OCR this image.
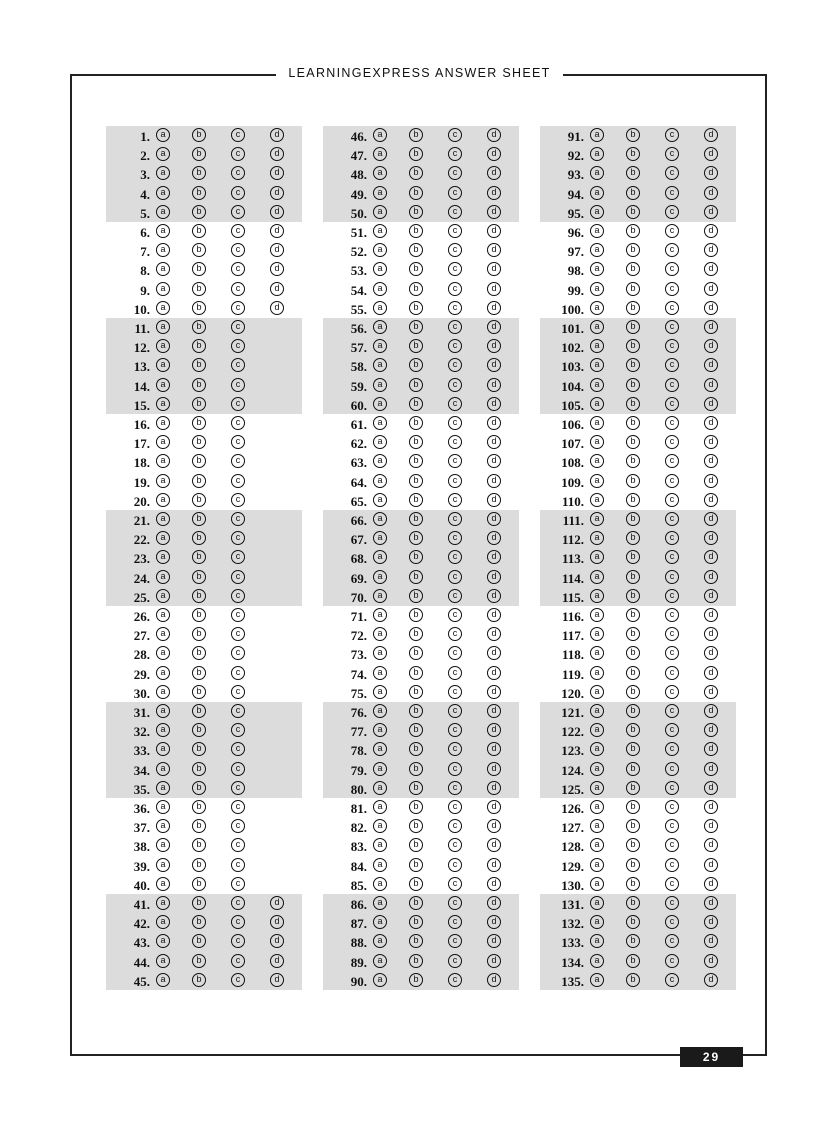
LEARNINGEXPRESS ANSWER SHEET
1.	a	b	c	d
2.	a	b	c	d
3.	a	b	c	d
4.	a	b	c	d
5.	a	b	c	d
6.	a	b	c	d
7.	a	b	c	d
8.	a	b	c	d
9.	a	b	c	d
10.	a	b	c	d
11.	a	b	c
12.	a	b	c
13.	a	b	c
14.	a	b	c
15.	a	b	c
16.	a	b	c
17.	a	b	c
18.	a	b	c
19.	a	b	c
20.	a	b	c
21.	a	b	c
22.	a	b	c
23.	a	b	c
24.	a	b	c
25.	a	b	c
26.	a	b	c
27.	a	b	c
28.	a	b	c
29.	a	b	c
30.	a	b	c
31.	a	b	c
32.	a	b	c
33.	a	b	c
34.	a	b	c
35.	a	b	c
36.	a	b	c
37.	a	b	c
38.	a	b	c
39.	a	b	c
40.	a	b	c
41.	a	b	c	d
42.	a	b	c	d
43.	a	b	c	d
44.	a	b	c	d
45.	a	b	c	d
46.	a	b	c	d
47.	a	b	c	d
48.	a	b	c	d
49.	a	b	c	d
50.	a	b	c	d
51.	a	b	c	d
52.	a	b	c	d
53.	a	b	c	d
54.	a	b	c	d
55.	a	b	c	d
56.	a	b	c	d
57.	a	b	c	d
58.	a	b	c	d
59.	a	b	c	d
60.	a	b	c	d
61.	a	b	c	d
62.	a	b	c	d
63.	a	b	c	d
64.	a	b	c	d
65.	a	b	c	d
66.	a	b	c	d
67.	a	b	c	d
68.	a	b	c	d
69.	a	b	c	d
70.	a	b	c	d
71.	a	b	c	d
72.	a	b	c	d
73.	a	b	c	d
74.	a	b	c	d
75.	a	b	c	d
76.	a	b	c	d
77.	a	b	c	d
78.	a	b	c	d
79.	a	b	c	d
80.	a	b	c	d
81.	a	b	c	d
82.	a	b	c	d
83.	a	b	c	d
84.	a	b	c	d
85.	a	b	c	d
86.	a	b	c	d
87.	a	b	c	d
88.	a	b	c	d
89.	a	b	c	d
90.	a	b	c	d
91.	a	b	c	d
92.	a	b	c	d
93.	a	b	c	d
94.	a	b	c	d
95.	a	b	c	d
96.	a	b	c	d
97.	a	b	c	d
98.	a	b	c	d
99.	a	b	c	d
100.	a	b	c	d
101.	a	b	c	d
102.	a	b	c	d
103.	a	b	c	d
104.	a	b	c	d
105.	a	b	c	d
106.	a	b	c	d
107.	a	b	c	d
108.	a	b	c	d
109.	a	b	c	d
110.	a	b	c	d
111.	a	b	c	d
112.	a	b	c	d
113.	a	b	c	d
114.	a	b	c	d
115.	a	b	c	d
116.	a	b	c	d
117.	a	b	c	d
118.	a	b	c	d
119.	a	b	c	d
120.	a	b	c	d
121.	a	b	c	d
122.	a	b	c	d
123.	a	b	c	d
124.	a	b	c	d
125.	a	b	c	d
126.	a	b	c	d
127.	a	b	c	d
128.	a	b	c	d
129.	a	b	c	d
130.	a	b	c	d
131.	a	b	c	d
132.	a	b	c	d
133.	a	b	c	d
134.	a	b	c	d
135.	a	b	c	d
29
